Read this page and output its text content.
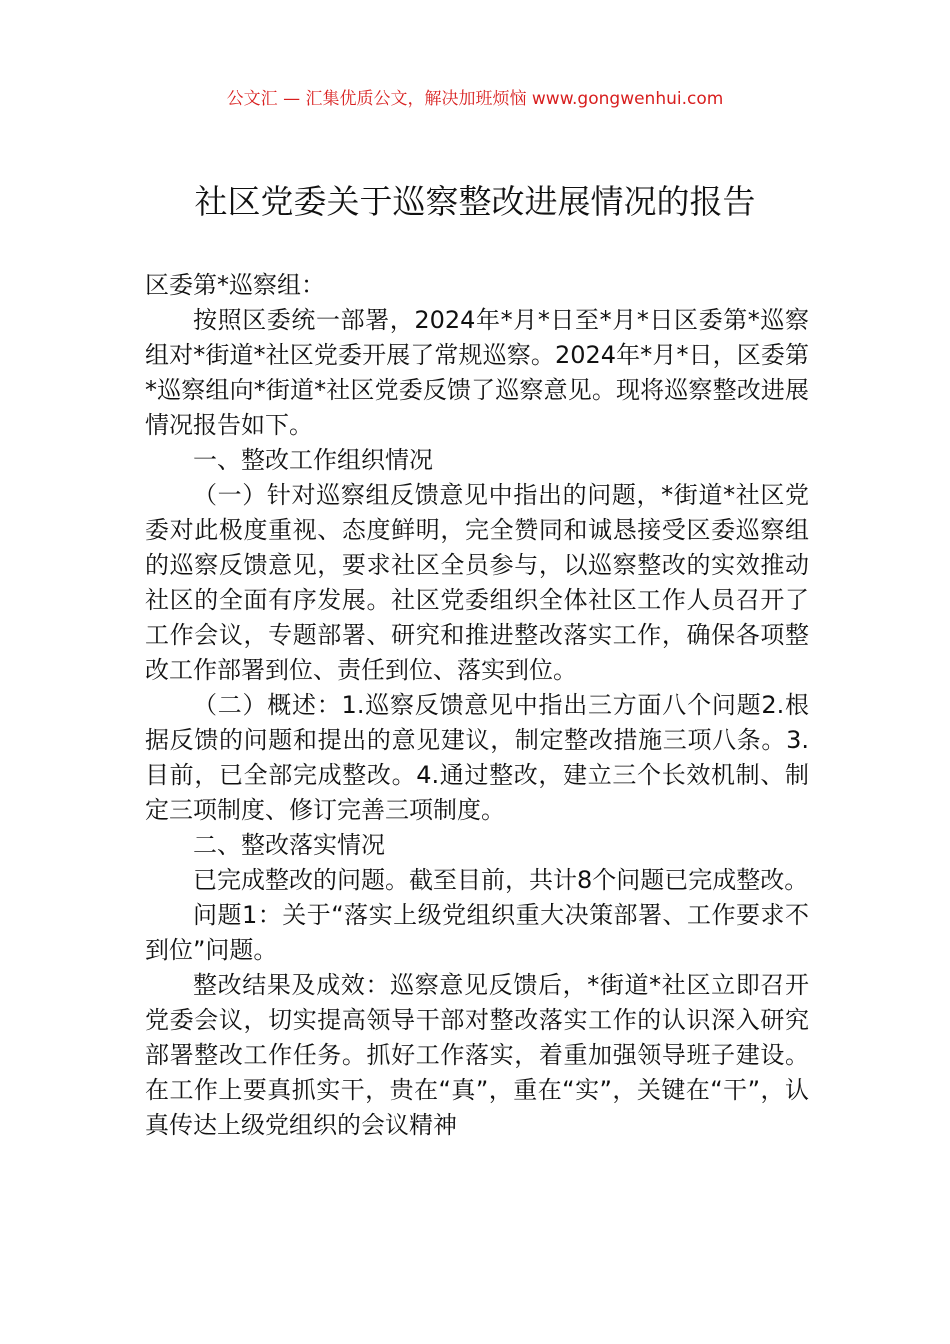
公文汇 — 汇集优质公文，解决加班烦恼 www.gongwenhui.com
社区党委关于巡察整改进展情况的报告

区委第*巡察组：

按照区委统一部署，2024年*月*日至*月*日区委第*巡察组对*街道*社区党委开展了常规巡察。2024年*月*日，区委第*巡察组向*街道*社区党委反馈了巡察意见。现将巡察整改进展情况报告如下。

一、整改工作组织情况

（一）针对巡察组反馈意见中指出的问题，*街道*社区党委对此极度重视、态度鲜明，完全赞同和诚恳接受区委巡察组的巡察反馈意见，要求社区全员参与，以巡察整改的实效推动社区的全面有序发展。社区党委组织全体社区工作人员召开了工作会议，专题部署、研究和推进整改落实工作，确保各项整改工作部署到位、责任到位、落实到位。

（二）概述：1.巡察反馈意见中指出三方面八个问题2.根据反馈的问题和提出的意见建议，制定整改措施三项八条。3.目前，已全部完成整改。4.通过整改，建立三个长效机制、制定三项制度、修订完善三项制度。

二、整改落实情况

已完成整改的问题。截至目前，共计8个问题已完成整改。

问题1：关于“落实上级党组织重大决策部署、工作要求不到位”问题。

整改结果及成效：巡察意见反馈后，*街道*社区立即召开党委会议，切实提高领导干部对整改落实工作的认识深入研究部署整改工作任务。抓好工作落实，着重加强领导班子建设。在工作上要真抓实干，贵在“真”，重在“实”，关键在“干”，认真传达上级党组织的会议精神
